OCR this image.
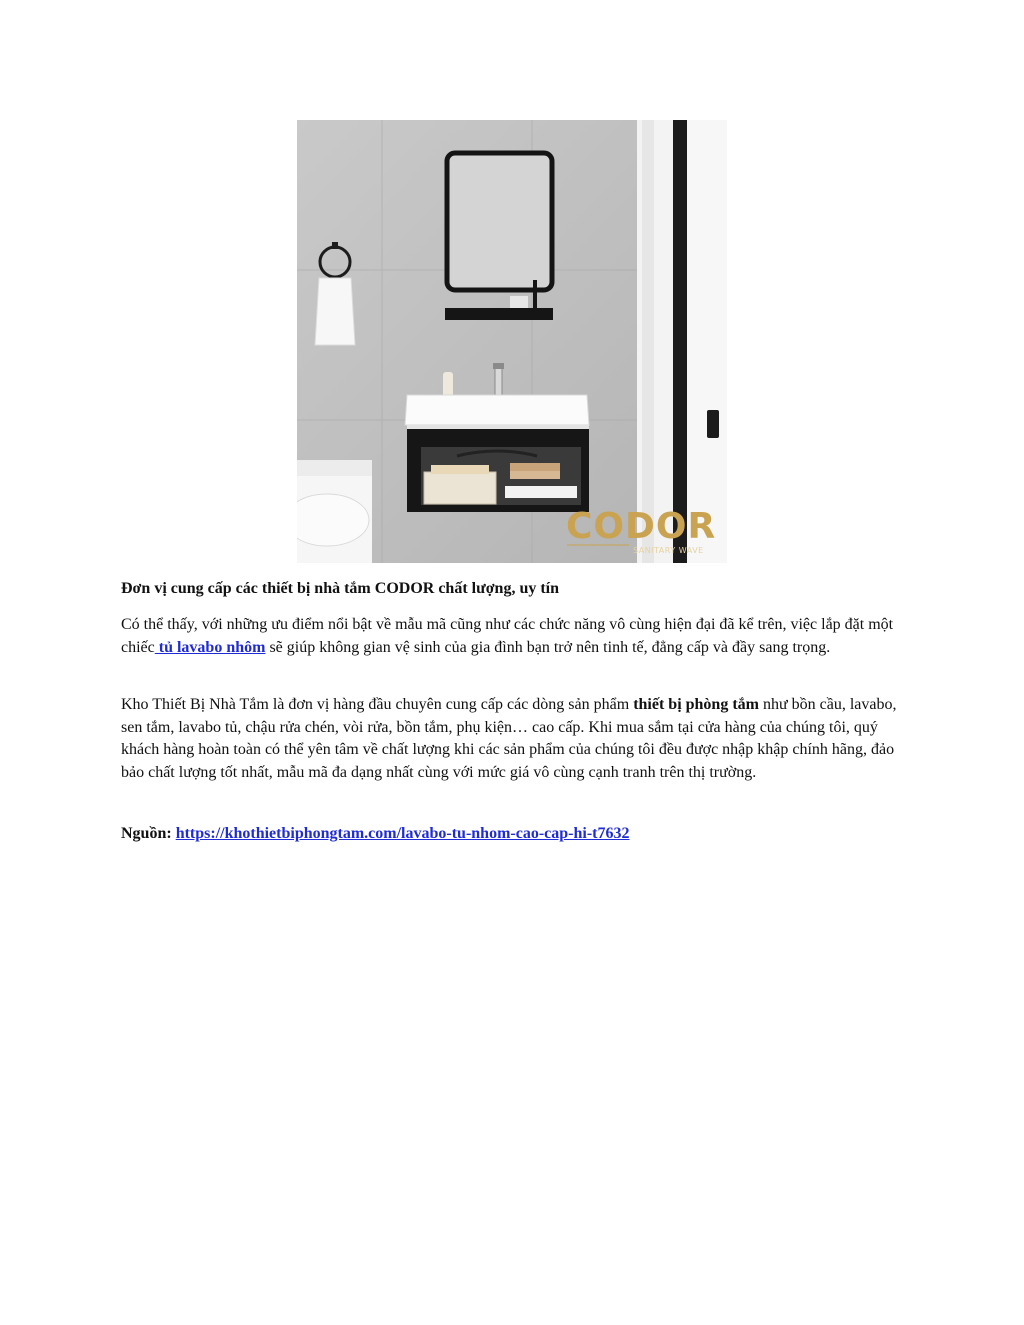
CODOR
SANITARY WAVE
Đơn vị cung cấp các thiết bị nhà tắm CODOR chất lượng, uy tín
Có thể thấy, với những ưu điểm nổi bật về mẫu mã cũng như các chức năng vô cùng hiện đại đã kể trên, việc lắp đặt một chiếc tủ lavabo nhôm sẽ giúp không gian vệ sinh của gia đình bạn trở nên tinh tế, đẳng cấp và đầy sang trọng.
Kho Thiết Bị Nhà Tắm là đơn vị hàng đầu chuyên cung cấp các dòng sản phẩm thiết bị phòng tắm như bồn cầu, lavabo, sen tắm, lavabo tủ, chậu rửa chén, vòi rửa, bồn tắm, phụ kiện… cao cấp. Khi mua sắm tại cửa hàng của chúng tôi, quý khách hàng hoàn toàn có thể yên tâm về chất lượng khi các sản phẩm của chúng tôi đều được nhập khập chính hãng, đảo bảo chất lượng tốt nhất, mẫu mã đa dạng nhất cùng với mức giá vô cùng cạnh tranh trên thị trường.
Nguồn: https://khothietbiphongtam.com/lavabo-tu-nhom-cao-cap-hi-t7632
